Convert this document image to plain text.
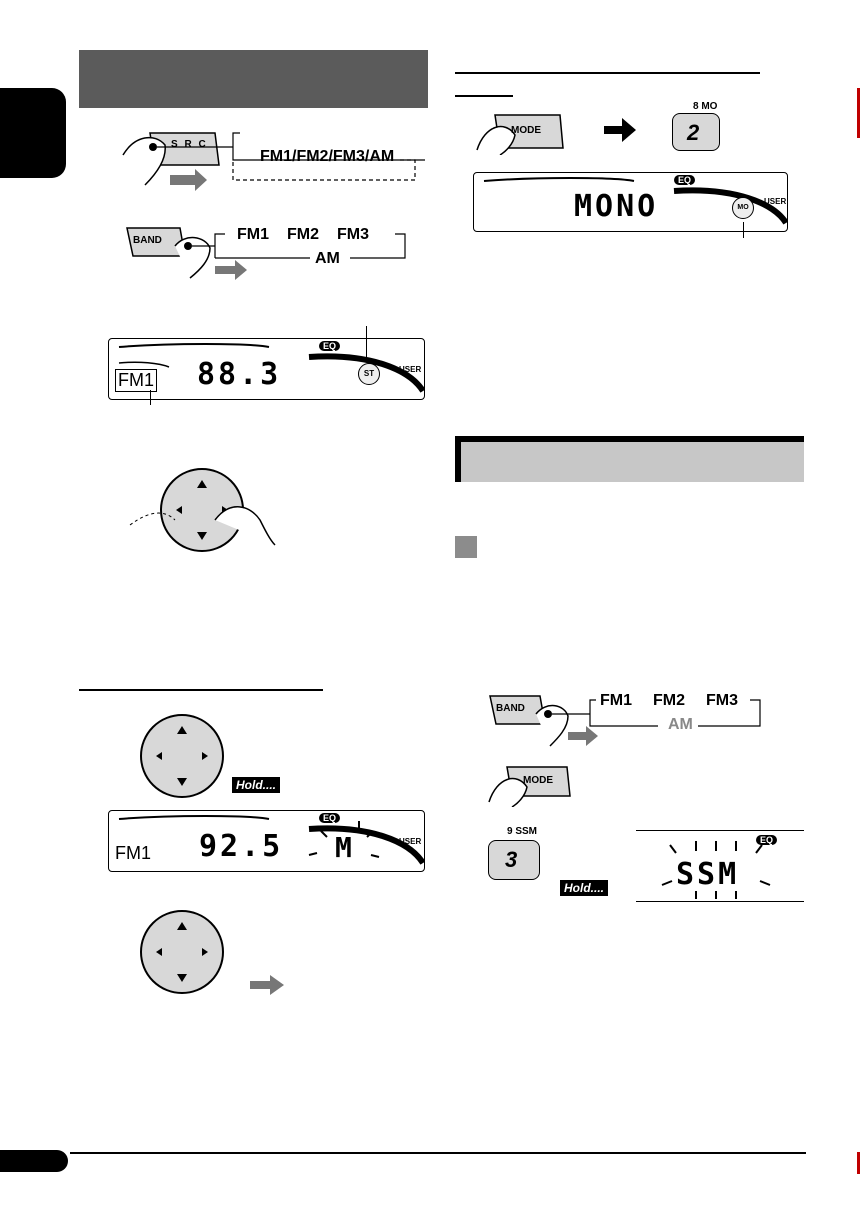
S R C
FM1/FM2/FM3/AM
BAND	FM1 FM2 FM3
AM
FM1 88.3
EQ
ST	USER
Hold....
FM1 92.5 M
EQ
USER
MODE
8 MO
2
MONO
EQ
MO
USER
BAND	FM1 FM2 FM3
AM
MODE
9 SSM
3
Hold....
EQ
SSM
